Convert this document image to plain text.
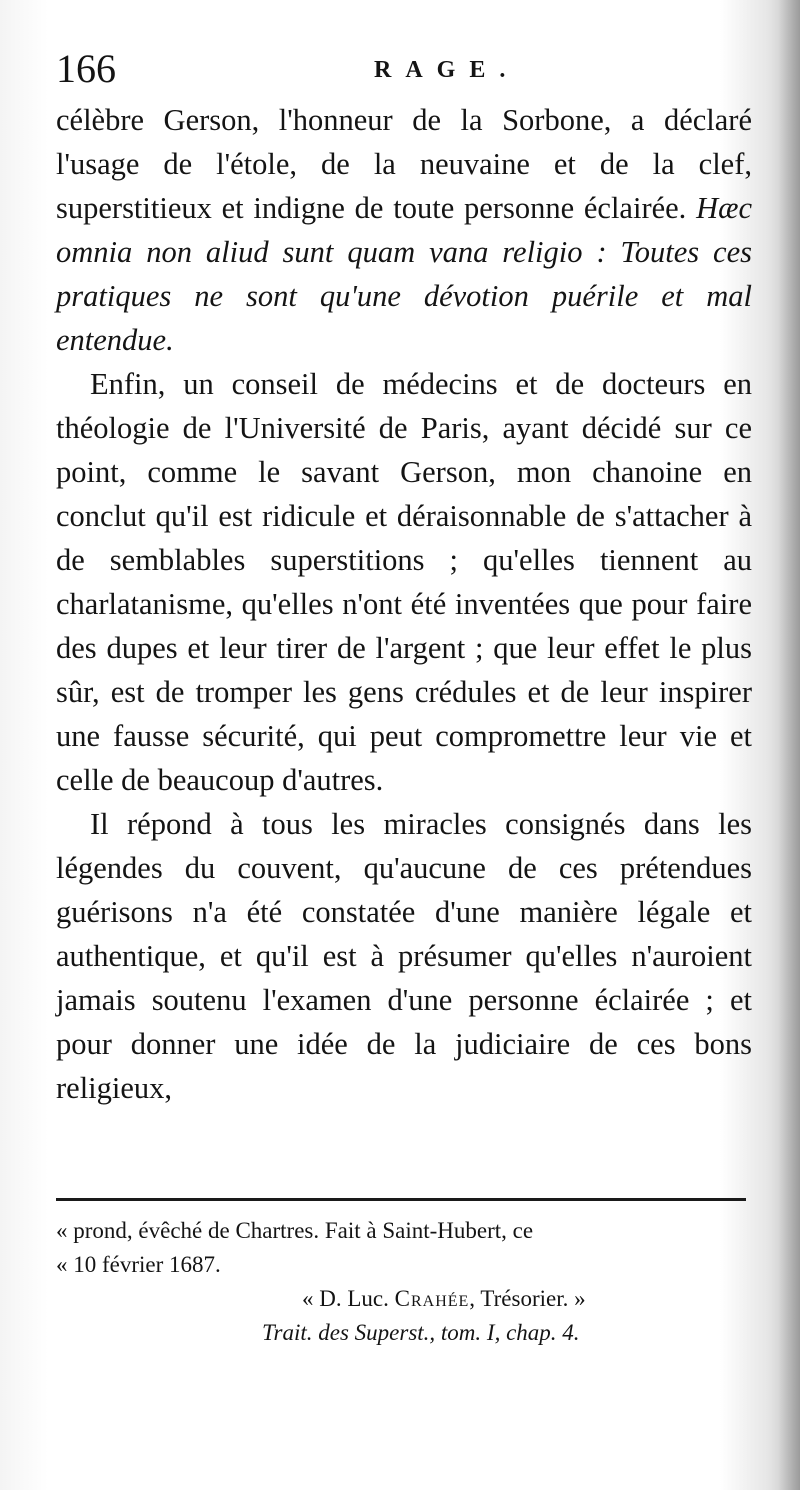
166	RAGE.

célèbre Gerson, l'honneur de la Sorbone, a déclaré l'usage de l'étole, de la neuvaine et de la clef, superstitieux et indigne de toute personne éclairée. Hæc omnia non aliud sunt quam vana religio : Toutes ces pratiques ne sont qu'une dévotion puérile et mal entendue.

Enfin, un conseil de médecins et de docteurs en théologie de l'Université de Paris, ayant décidé sur ce point, comme le savant Gerson, mon chanoine en conclut qu'il est ridicule et déraisonnable de s'attacher à de semblables superstitions ; qu'elles tiennent au charlatanisme, qu'elles n'ont été inventées que pour faire des dupes et leur tirer de l'argent ; que leur effet le plus sûr, est de tromper les gens crédules et de leur inspirer une fausse sécurité, qui peut compromettre leur vie et celle de beaucoup d'autres.

Il répond à tous les miracles consignés dans les légendes du couvent, qu'aucune de ces prétendues guérisons n'a été constatée d'une manière légale et authentique, et qu'il est à présumer qu'elles n'auroient jamais soutenu l'examen d'une personne éclairée ; et pour donner une idée de la judiciaire de ces bons religieux,

« prond, évêché de Chartres. Fait à Saint-Hubert, ce
« 10 février 1687.
« D. Luc. Crahée, Trésorier. »
Trait. des Superst., tom. I, chap. 4.
